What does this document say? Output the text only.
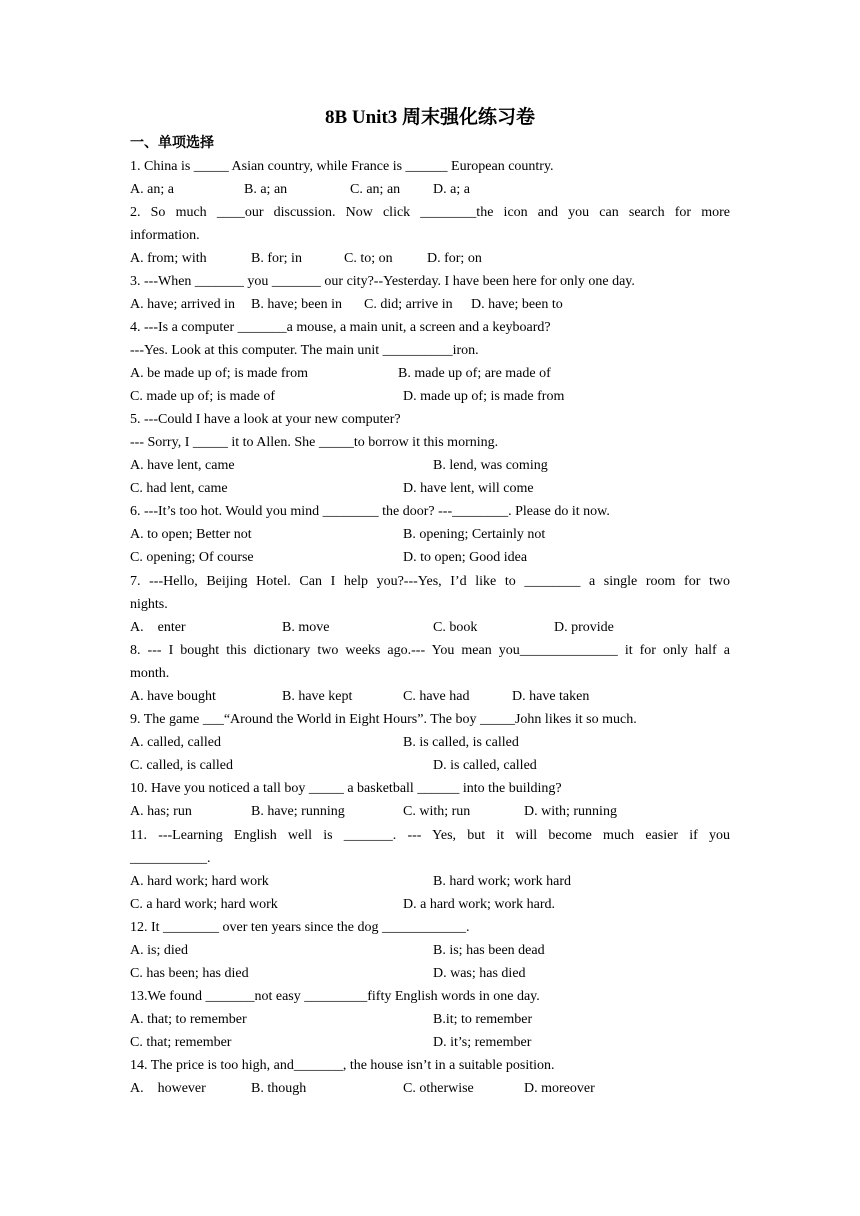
8B Unit3 周末强化练习卷
一、单项选择
1. China is _____ Asian country, while France is ______ European country.
A. an; a	B. a; an	C. an; an D. a; a
2. So much ____our discussion. Now click ________the icon and you can search for more
information.
A. from; with	B. for; in	C. to; on D. for; on
3. ---When _______ you _______ our city?--Yesterday. I have been here for only one day.
A. have; arrived in B. have; been in C. did; arrive in D. have; been to
4. ---Is a computer _______a mouse, a main unit, a screen and a keyboard?
---Yes. Look at this computer. The main unit __________iron.
A. be made up of; is made from	B. made up of; are made of
C. made up of; is made of	D. made up of; is made from
5. ---Could I have a look at your new computer?
--- Sorry, I _____ it to Allen. She _____to borrow it this morning.
A. have lent, came	B. lend, was coming
C. had lent, came	D. have lent, will come
6. ---It’s too hot. Would you mind ________ the door? ---________. Please do it now.
A. to open; Better not	B. opening; Certainly not
C. opening; Of course	D. to open; Good idea
7. ---Hello, Beijing Hotel. Can I help you?---Yes, I’d like to ________ a single room for two
nights.
A.    enter	B. move	C. book	D. provide
8. --- I bought this dictionary two weeks ago.--- You mean you______________ it for only half a
month.
A. have bought	B. have kept	C. have had	D. have taken
9. The game ___“Around the World in Eight Hours”. The boy _____John likes it so much.
A. called, called	B. is called, is called
C. called, is called	D. is called, called
10. Have you noticed a tall boy _____ a basketball ______ into the building?
A. has; run	B. have; running	C. with; run	D. with; running
11. ---Learning English well is _______. --- Yes, but it will become much easier if you
___________.
A. hard work; hard work	B. hard work; work hard
C. a hard work; hard work	D. a hard work; work hard.
12. It ________ over ten years since the dog ____________.
A. is; died	B. is; has been dead
C. has been; has died	D. was; has died
13.We found _______not easy _________fifty English words in one day.
A. that; to remember	B.it; to remember
C. that; remember	D. it’s; remember
14. The price is too high, and_______, the house isn’t in a suitable position.
A.    however	B. though	C. otherwise	D. moreover
